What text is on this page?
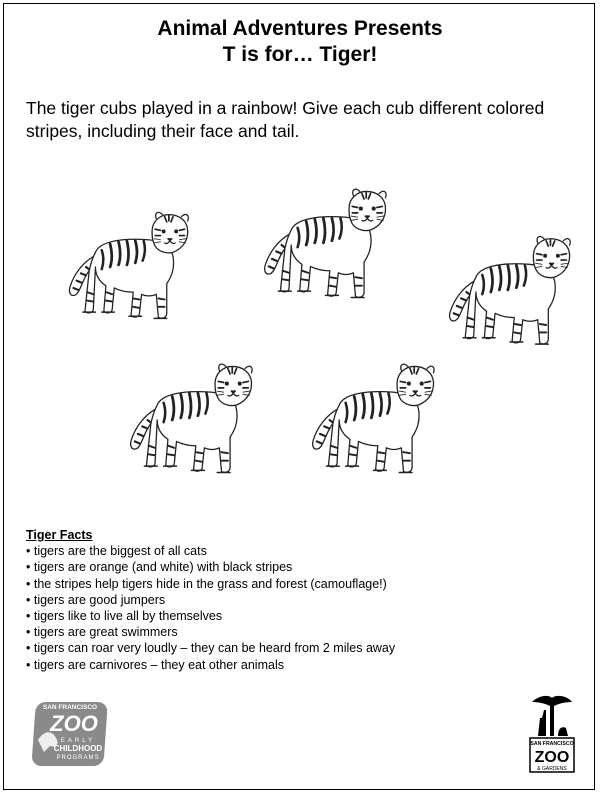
Animal Adventures Presents
T is for… Tiger!
The tiger cubs played in a rainbow! Give each cub different colored stripes, including their face and tail.
Tiger Facts
• tigers are the biggest of all cats
• tigers are orange (and white) with black stripes
• the stripes help tigers hide in the grass and forest (camouflage!)
• tigers are good jumpers
• tigers like to live all by themselves
• tigers are great swimmers
• tigers can roar very loudly – they can be heard from 2 miles away
• tigers are carnivores – they eat other animals
SAN FRANCISCO
ZOO
EARLY
CHILDHOOD
PROGRAMS
SAN FRANCISCO
ZOO
& GARDENS
